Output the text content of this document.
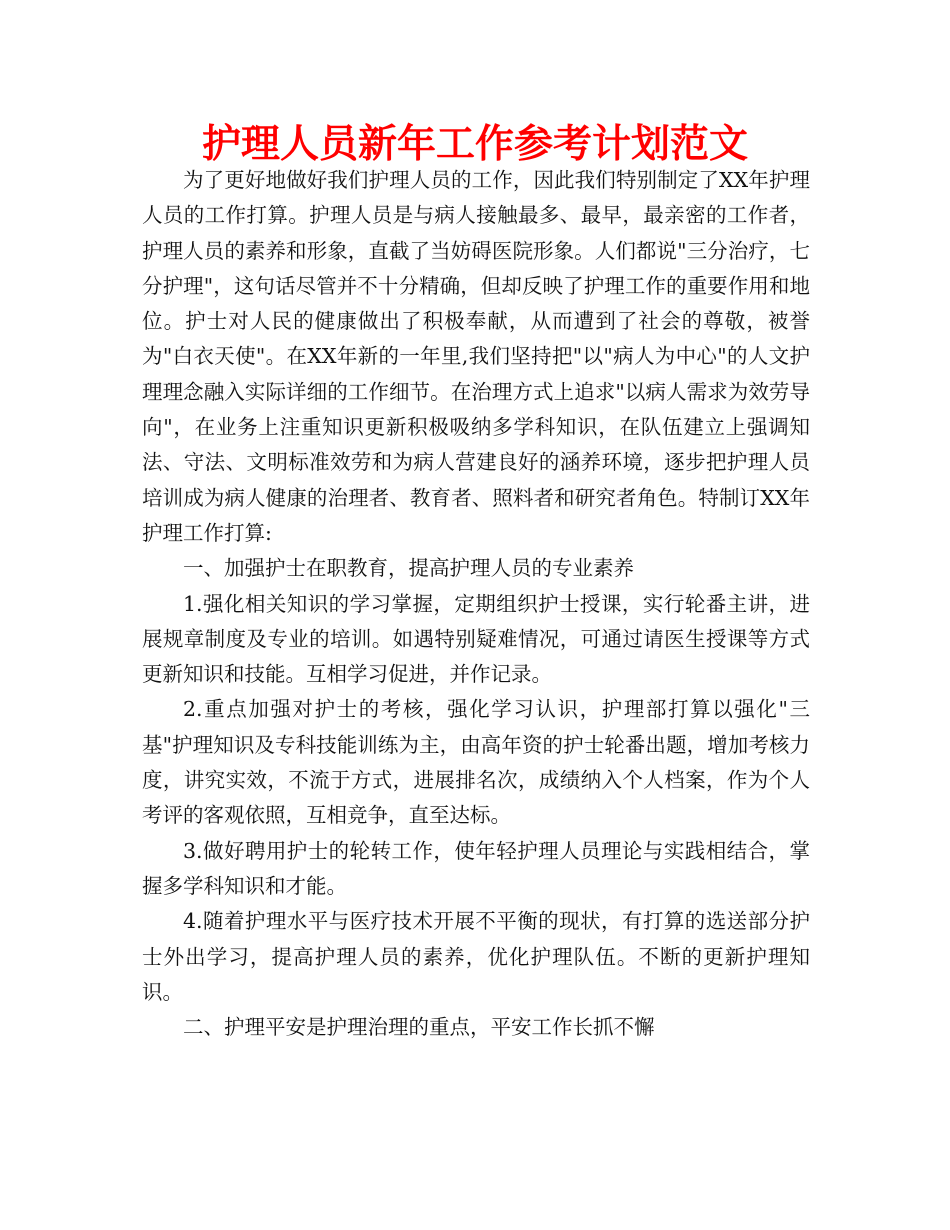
护理人员新年工作参考计划范文

为了更好地做好我们护理人员的工作，因此我们特别制定了XX年护理人员的工作打算。护理人员是与病人接触最多、最早，最亲密的工作者，护理人员的素养和形象，直截了当妨碍医院形象。人们都说"三分治疗，七分护理"，这句话尽管并不十分精确，但却反映了护理工作的重要作用和地位。护士对人民的健康做出了积极奉献，从而遭到了社会的尊敬，被誉为"白衣天使"。在XX年新的一年里,我们坚持把"以"病人为中心"的人文护理理念融入实际详细的工作细节。在治理方式上追求"以病人需求为效劳导向"，在业务上注重知识更新积极吸纳多学科知识，在队伍建立上强调知法、守法、文明标准效劳和为病人营建良好的涵养环境，逐步把护理人员培训成为病人健康的治理者、教育者、照料者和研究者角色。特制订XX年护理工作打算:

一、加强护士在职教育，提高护理人员的专业素养

1.强化相关知识的学习掌握，定期组织护士授课，实行轮番主讲，进展规章制度及专业的培训。如遇特别疑难情况，可通过请医生授课等方式更新知识和技能。互相学习促进，并作记录。

2.重点加强对护士的考核，强化学习认识，护理部打算以强化"三基"护理知识及专科技能训练为主，由高年资的护士轮番出题，增加考核力度，讲究实效，不流于方式，进展排名次，成绩纳入个人档案，作为个人考评的客观依照，互相竞争，直至达标。

3.做好聘用护士的轮转工作，使年轻护理人员理论与实践相结合，掌握多学科知识和才能。

4.随着护理水平与医疗技术开展不平衡的现状，有打算的选送部分护士外出学习，提高护理人员的素养，优化护理队伍。不断的更新护理知识。

二、护理平安是护理治理的重点，平安工作长抓不懈
